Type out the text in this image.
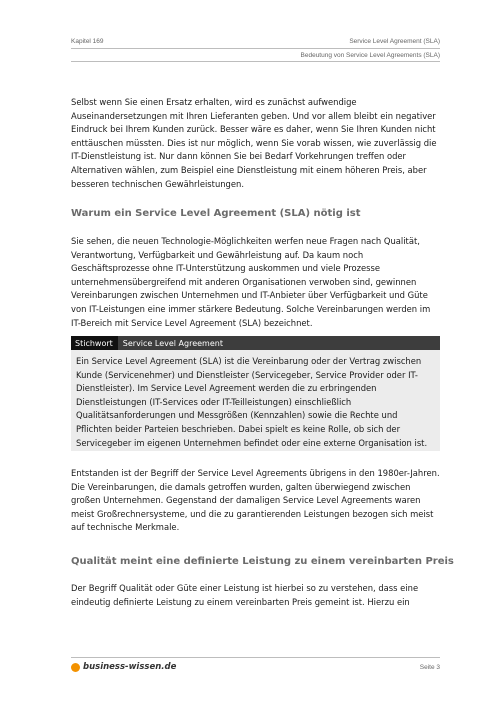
Kapitel 169	Service Level Agreement (SLA)
Bedeutung von Service Level Agreements (SLA)

Selbst wenn Sie einen Ersatz erhalten, wird es zunächst aufwendige Auseinandersetzungen mit Ihren Lieferanten geben. Und vor allem bleibt ein negativer Eindruck bei Ihrem Kunden zurück. Besser wäre es daher, wenn Sie Ihren Kunden nicht enttäuschen müssten. Dies ist nur möglich, wenn Sie vorab wissen, wie zuverlässig die IT-Dienstleistung ist. Nur dann können Sie bei Bedarf Vorkehrungen treffen oder Alternativen wählen, zum Beispiel eine Dienstleistung mit einem höheren Preis, aber besseren technischen Gewährleistungen.

Warum ein Service Level Agreement (SLA) nötig ist

Sie sehen, die neuen Technologie-Möglichkeiten werfen neue Fragen nach Qualität, Verantwortung, Verfügbarkeit und Gewährleistung auf. Da kaum noch Geschäftsprozesse ohne IT-Unterstützung auskommen und viele Prozesse unternehmensübergreifend mit anderen Organisationen verwoben sind, gewinnen Vereinbarungen zwischen Unternehmen und IT-Anbieter über Verfügbarkeit und Güte von IT-Leistungen eine immer stärkere Bedeutung. Solche Vereinbarungen werden im IT-Bereich mit Service Level Agreement (SLA) bezeichnet.

Stichwort	Service Level Agreement

Ein Service Level Agreement (SLA) ist die Vereinbarung oder der Vertrag zwischen Kunde (Servicenehmer) und Dienstleister (Servicegeber, Service Provider oder IT-Dienstleister). Im Service Level Agreement werden die zu erbringenden Dienstleistungen (IT-Services oder IT-Teilleistungen) einschließlich Qualitätsanforderungen und Messgrößen (Kennzahlen) sowie die Rechte und Pflichten beider Parteien beschrieben. Dabei spielt es keine Rolle, ob sich der Servicegeber im eigenen Unternehmen befindet oder eine externe Organisation ist.

Entstanden ist der Begriff der Service Level Agreements übrigens in den 1980er-Jahren. Die Vereinbarungen, die damals getroffen wurden, galten überwiegend zwischen großen Unternehmen. Gegenstand der damaligen Service Level Agreements waren meist Großrechnersysteme, und die zu garantierenden Leistungen bezogen sich meist auf technische Merkmale.

Qualität meint eine definierte Leistung zu einem vereinbarten Preis

Der Begriff Qualität oder Güte einer Leistung ist hierbei so zu verstehen, dass eine eindeutig definierte Leistung zu einem vereinbarten Preis gemeint ist. Hierzu ein

business-wissen.de	Seite 3
